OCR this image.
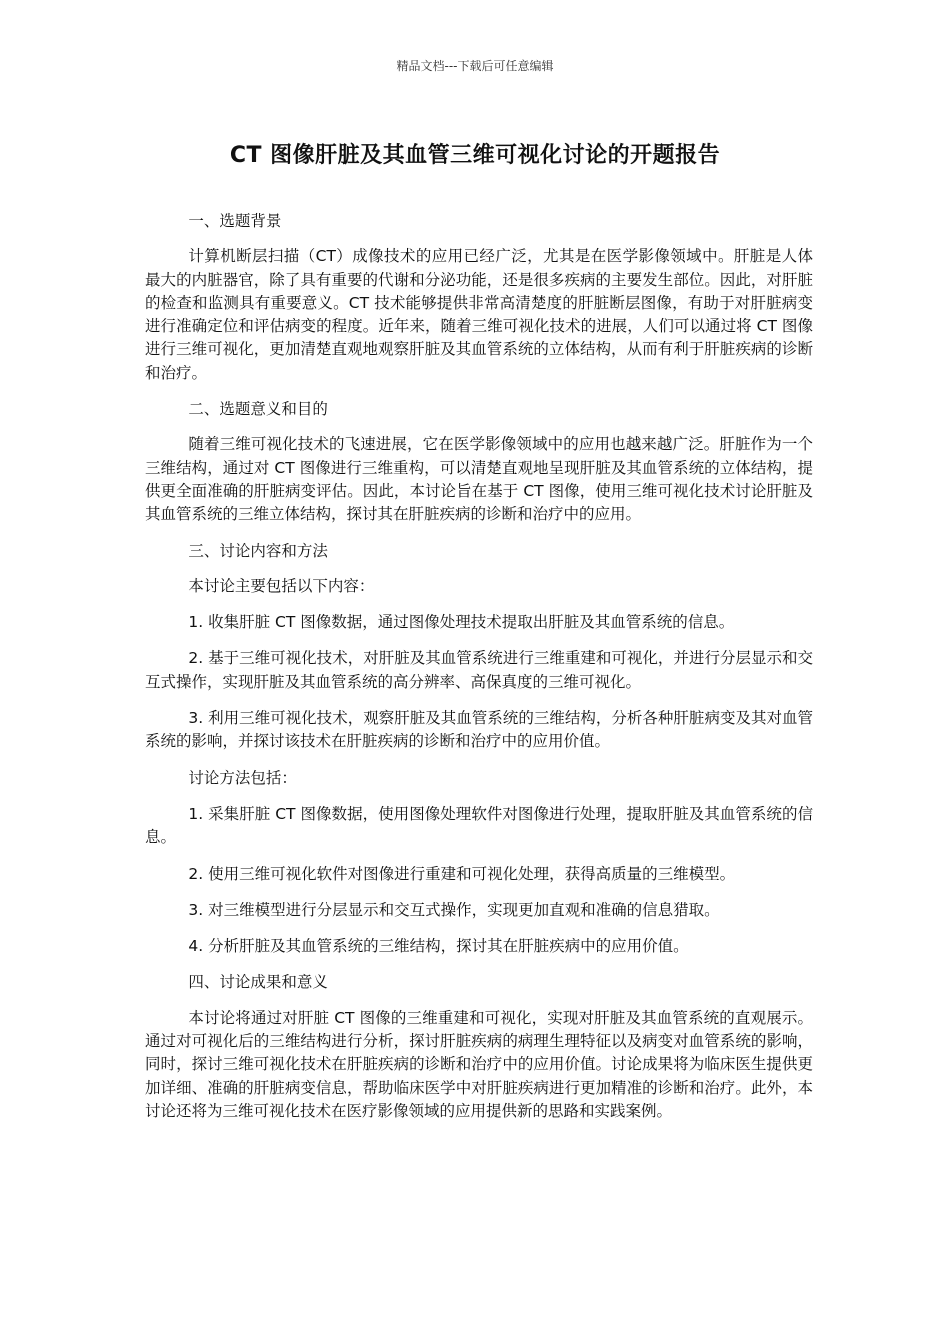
精品文档---下载后可任意编辑
CT 图像肝脏及其血管三维可视化讨论的开题报告

一、选题背景

计算机断层扫描（CT）成像技术的应用已经广泛，尤其是在医学影像领域中。肝脏是人体最大的内脏器官，除了具有重要的代谢和分泌功能，还是很多疾病的主要发生部位。因此，对肝脏的检查和监测具有重要意义。CT 技术能够提供非常高清楚度的肝脏断层图像，有助于对肝脏病变进行准确定位和评估病变的程度。近年来，随着三维可视化技术的进展，人们可以通过将 CT 图像进行三维可视化，更加清楚直观地观察肝脏及其血管系统的立体结构，从而有利于肝脏疾病的诊断和治疗。

二、选题意义和目的

随着三维可视化技术的飞速进展，它在医学影像领域中的应用也越来越广泛。肝脏作为一个三维结构，通过对 CT 图像进行三维重构，可以清楚直观地呈现肝脏及其血管系统的立体结构，提供更全面准确的肝脏病变评估。因此，本讨论旨在基于 CT 图像，使用三维可视化技术讨论肝脏及其血管系统的三维立体结构，探讨其在肝脏疾病的诊断和治疗中的应用。

三、讨论内容和方法

本讨论主要包括以下内容：

1. 收集肝脏 CT 图像数据，通过图像处理技术提取出肝脏及其血管系统的信息。

2. 基于三维可视化技术，对肝脏及其血管系统进行三维重建和可视化，并进行分层显示和交互式操作，实现肝脏及其血管系统的高分辨率、高保真度的三维可视化。

3. 利用三维可视化技术，观察肝脏及其血管系统的三维结构，分析各种肝脏病变及其对血管系统的影响，并探讨该技术在肝脏疾病的诊断和治疗中的应用价值。

讨论方法包括：

1. 采集肝脏 CT 图像数据，使用图像处理软件对图像进行处理，提取肝脏及其血管系统的信息。

2. 使用三维可视化软件对图像进行重建和可视化处理，获得高质量的三维模型。

3. 对三维模型进行分层显示和交互式操作，实现更加直观和准确的信息猎取。

4. 分析肝脏及其血管系统的三维结构，探讨其在肝脏疾病中的应用价值。

四、讨论成果和意义

本讨论将通过对肝脏 CT 图像的三维重建和可视化，实现对肝脏及其血管系统的直观展示。通过对可视化后的三维结构进行分析，探讨肝脏疾病的病理生理特征以及病变对血管系统的影响，同时，探讨三维可视化技术在肝脏疾病的诊断和治疗中的应用价值。讨论成果将为临床医生提供更加详细、准确的肝脏病变信息，帮助临床医学中对肝脏疾病进行更加精准的诊断和治疗。此外，本讨论还将为三维可视化技术在医疗影像领域的应用提供新的思路和实践案例。
